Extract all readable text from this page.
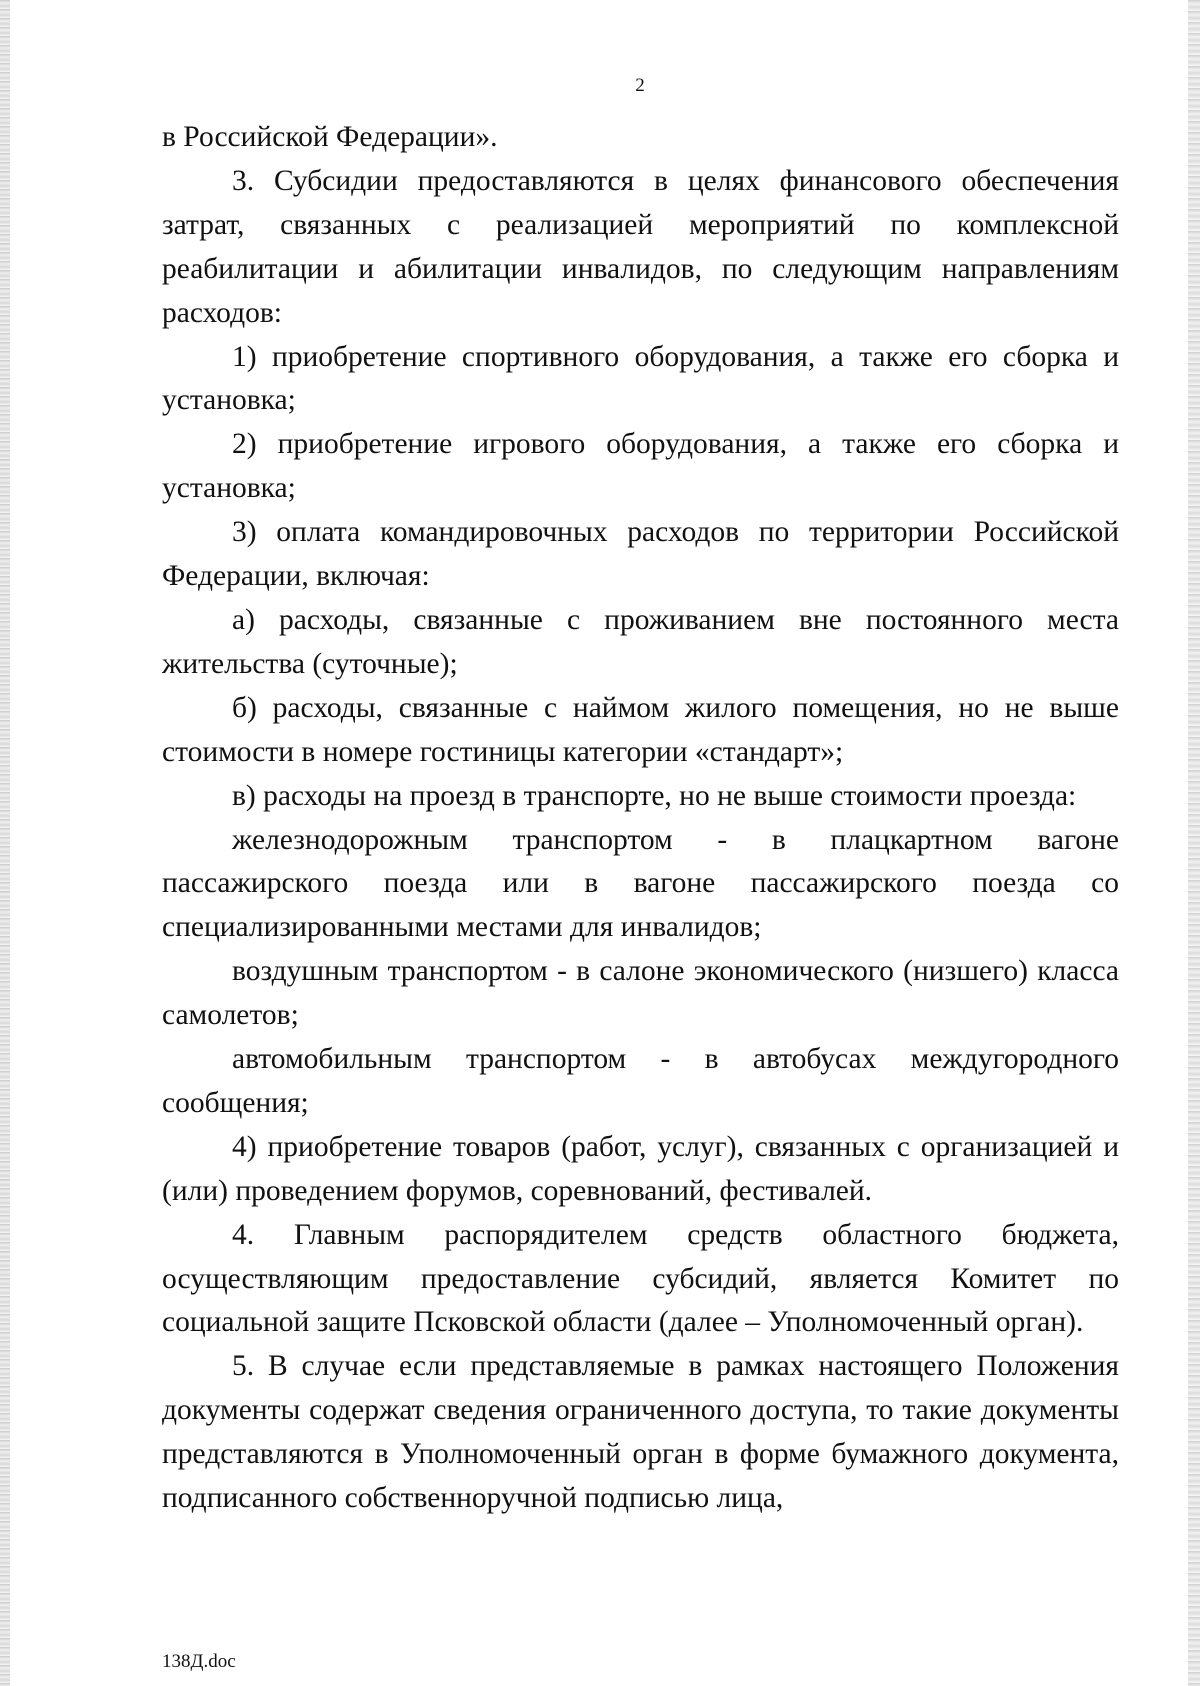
2

в Российской Федерации».

3. Субсидии предоставляются в целях финансового обеспечения затрат, связанных с реализацией мероприятий по комплексной реабилитации и абилитации инвалидов, по следующим направлениям расходов:

1) приобретение спортивного оборудования, а также его сборка и установка;

2) приобретение игрового оборудования, а также его сборка и установка;

3) оплата командировочных расходов по территории Российской Федерации, включая:

а) расходы, связанные с проживанием вне постоянного места жительства (суточные);

б) расходы, связанные с наймом жилого помещения, но не выше стоимости в номере гостиницы категории «стандарт»;

в) расходы на проезд в транспорте, но не выше стоимости проезда:

железнодорожным транспортом - в плацкартном вагоне пассажирского поезда или в вагоне пассажирского поезда со специализированными местами для инвалидов;

воздушным транспортом - в салоне экономического (низшего) класса самолетов;

автомобильным транспортом - в автобусах междугородного сообщения;

4) приобретение товаров (работ, услуг), связанных с организацией и (или) проведением форумов, соревнований, фестивалей.

4. Главным распорядителем средств областного бюджета, осуществляющим предоставление субсидий, является Комитет по социальной защите Псковской области (далее – Уполномоченный орган).

5. В случае если представляемые в рамках настоящего Положения документы содержат сведения ограниченного доступа, то такие документы представляются в Уполномоченный орган в форме бумажного документа, подписанного собственноручной подписью лица,

138Д.doc
